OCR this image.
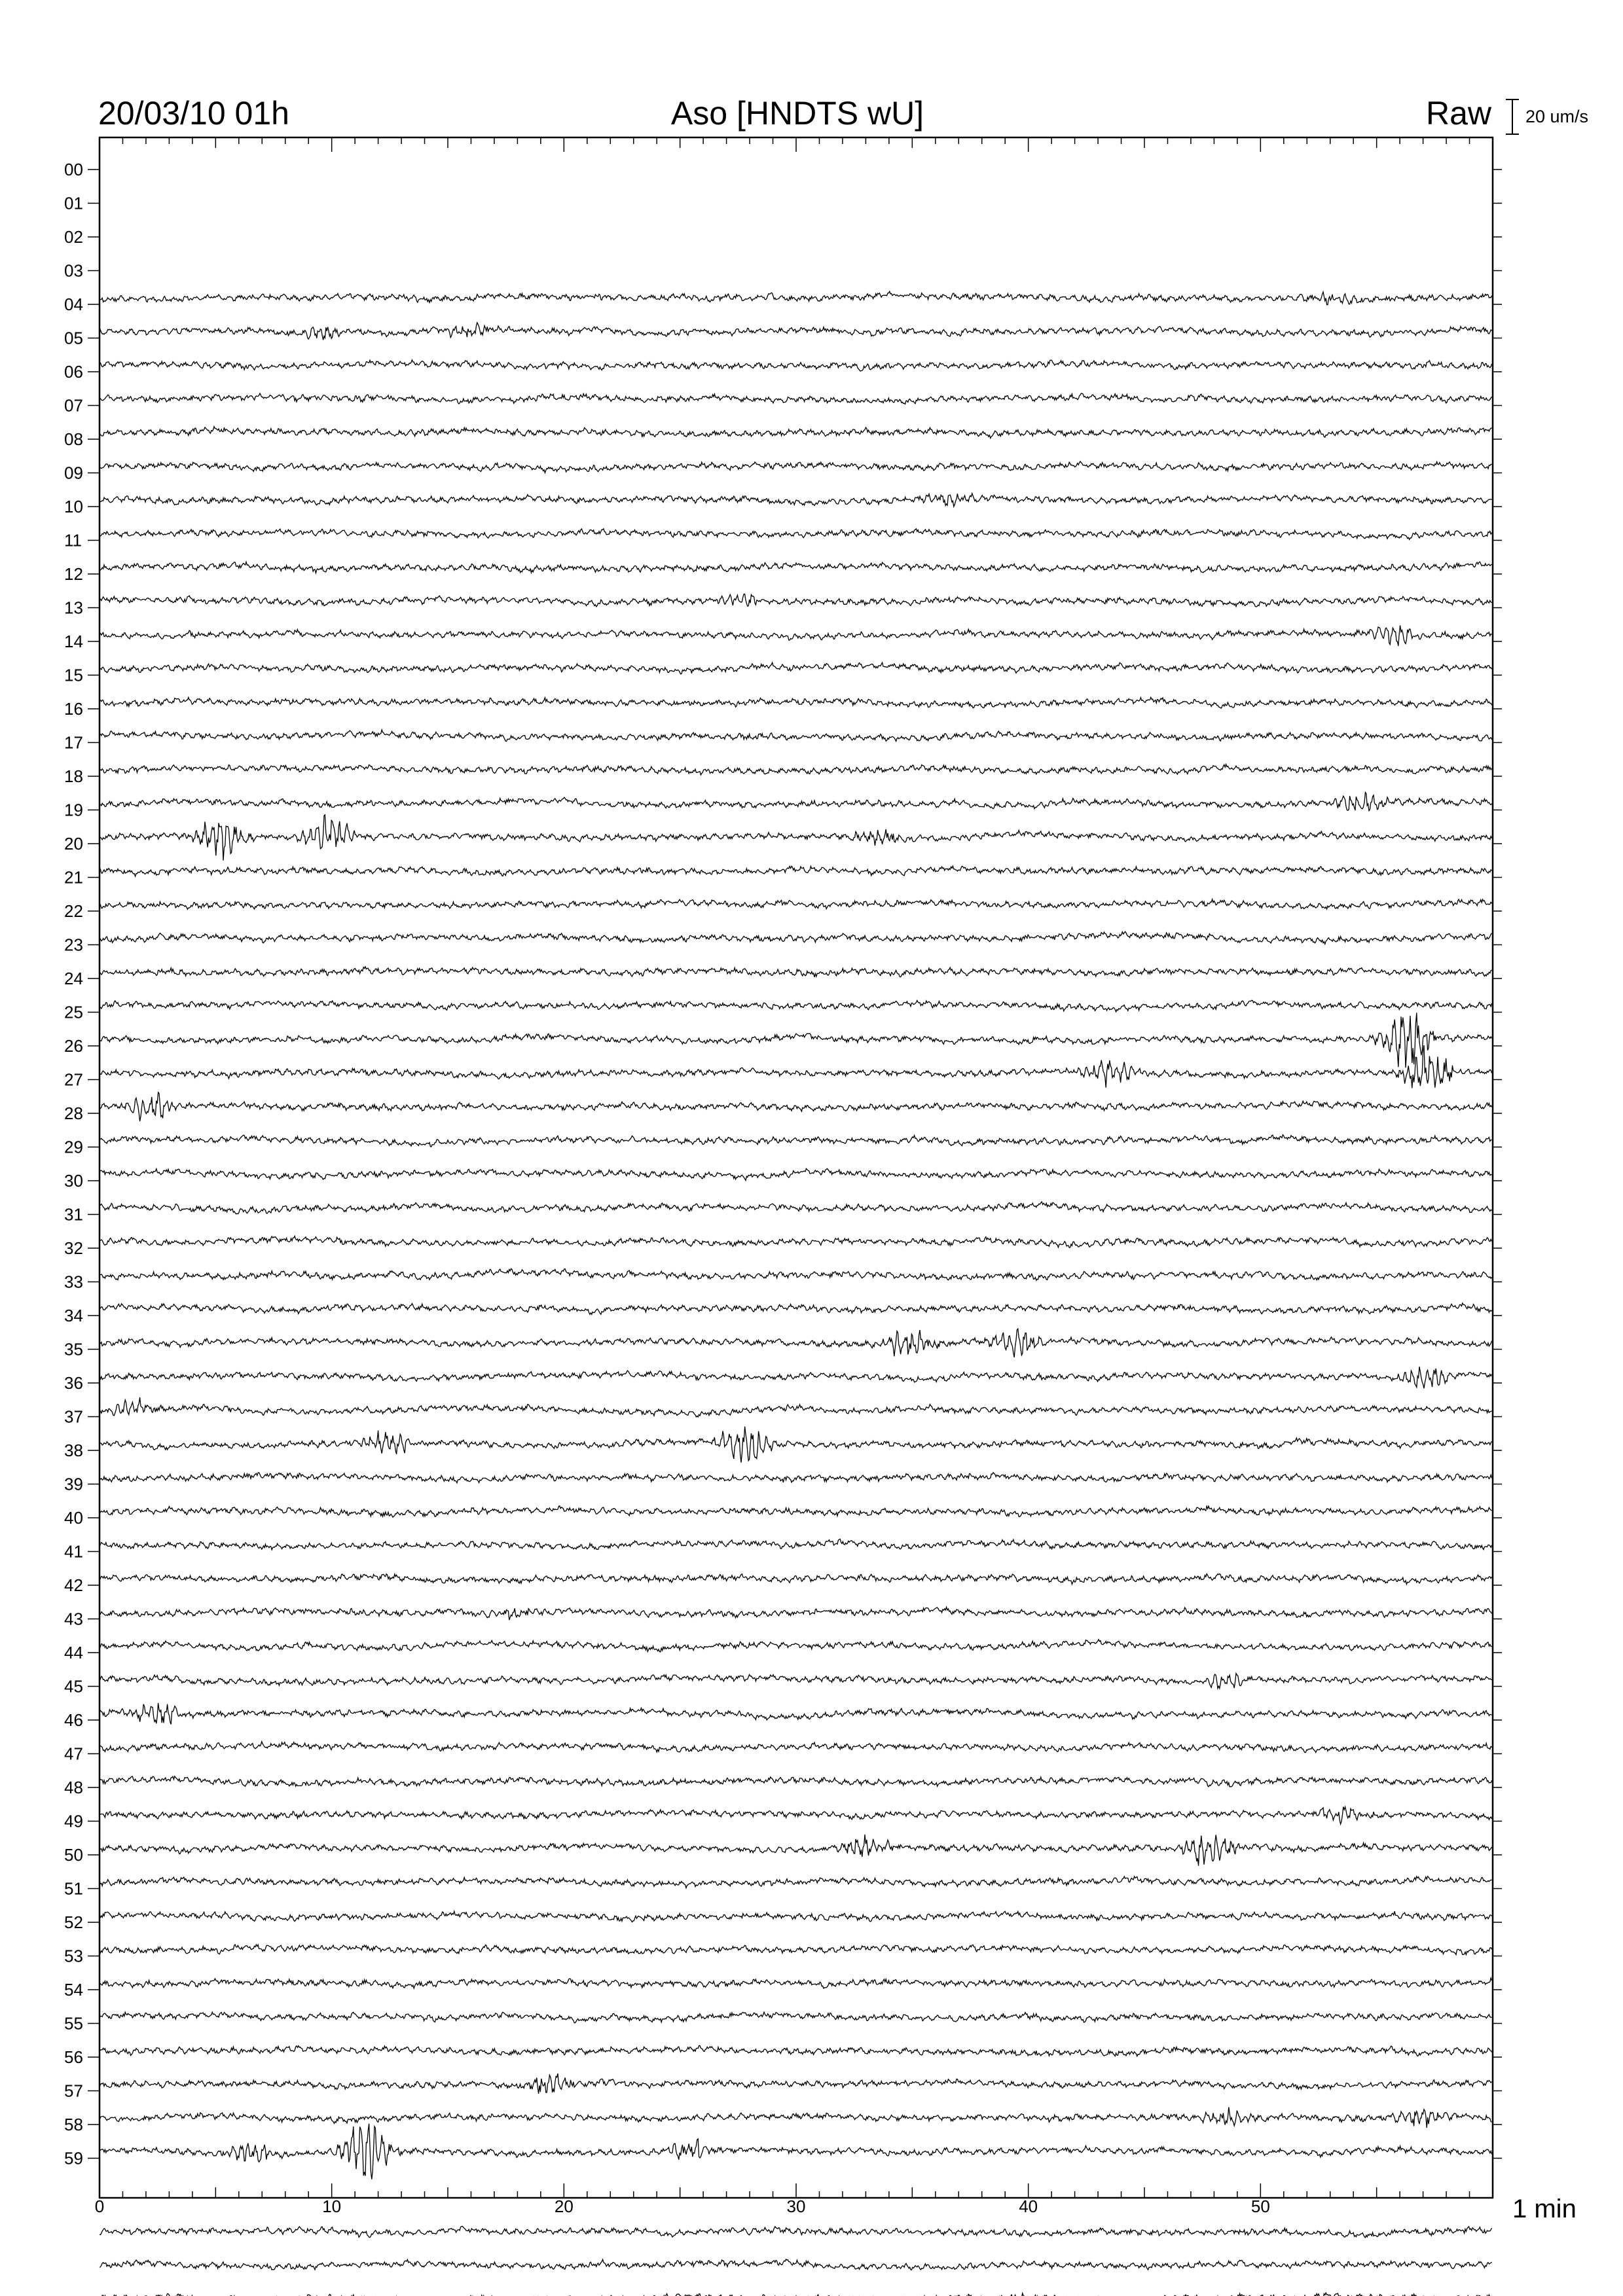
20/03/10 01h	Aso [HNDTS wU]	Raw 20 um/s
00
01
02
03
04
05
06
07
08
09
10
11
12
13
14
15
16
17
18
19
20
21
22
23
24
25
26
27
28
29
30
31
32
33
34
35
36
37
38
39
40
41
42
43
44
45
46
47
48
49
50
51
52
53
54
55
56
57
58
59
0	10	20	30	40	50	1 min
